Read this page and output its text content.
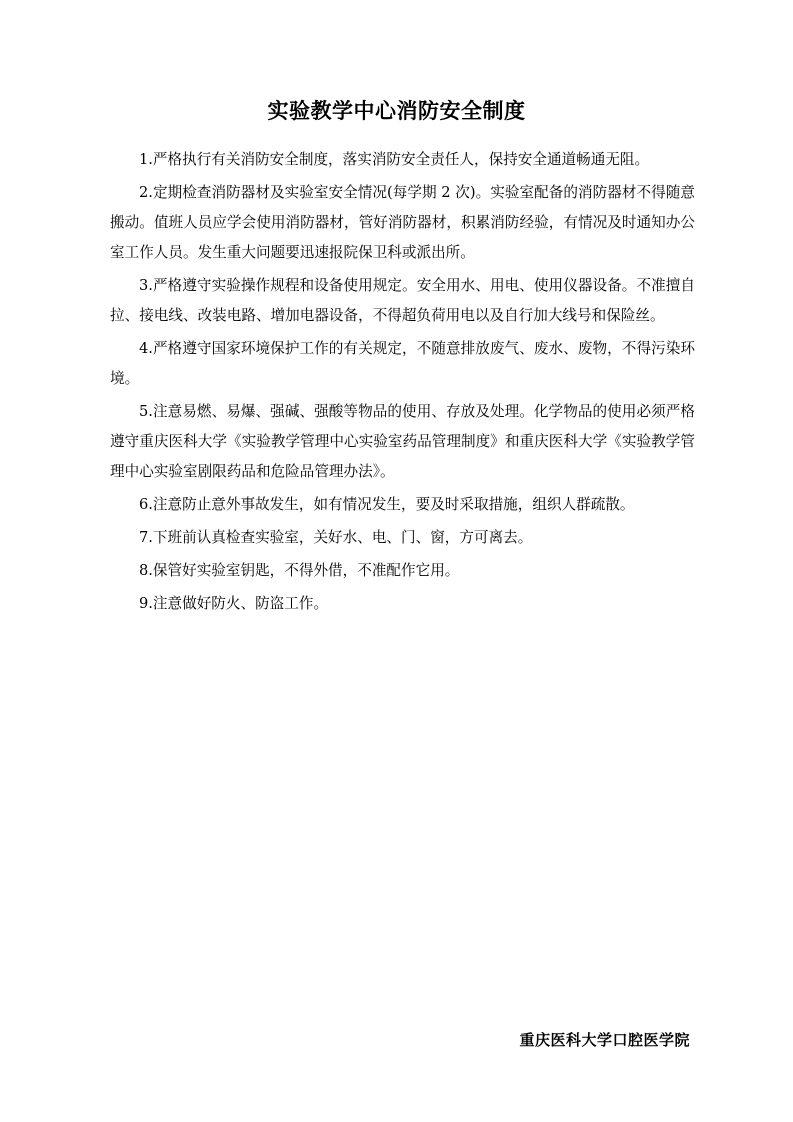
实验教学中心消防安全制度

1.严格执行有关消防安全制度，落实消防安全责任人，保持安全通道畅通无阻。

2.定期检查消防器材及实验室安全情况(每学期 2 次)。实验室配备的消防器材不得随意搬动。值班人员应学会使用消防器材，管好消防器材，积累消防经验，有情况及时通知办公室工作人员。发生重大问题要迅速报院保卫科或派出所。

3.严格遵守实验操作规程和设备使用规定。安全用水、用电、使用仪器设备。不准擅自拉、接电线、改装电路、增加电器设备，不得超负荷用电以及自行加大线号和保险丝。

4.严格遵守国家环境保护工作的有关规定，不随意排放废气、废水、废物，不得污染环境。

5.注意易燃、易爆、强碱、强酸等物品的使用、存放及处理。化学物品的使用必须严格遵守重庆医科大学《实验教学管理中心实验室药品管理制度》和重庆医科大学《实验教学管理中心实验室剧限药品和危险品管理办法》。

6.注意防止意外事故发生，如有情况发生，要及时采取措施，组织人群疏散。

7.下班前认真检查实验室，关好水、电、门、窗，方可离去。

8.保管好实验室钥匙，不得外借，不准配作它用。

9.注意做好防火、防盗工作。

重庆医科大学口腔医学院
